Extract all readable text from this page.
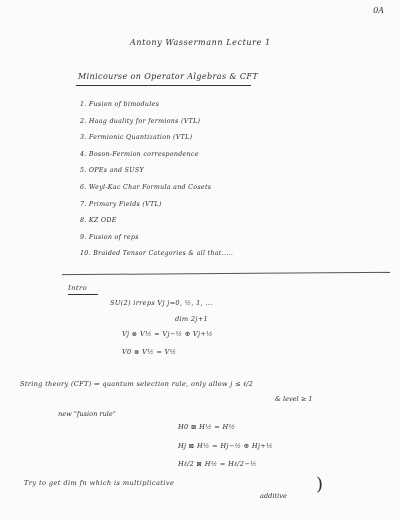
0A
Antony Wassermann Lecture 1
Minicourse on Operator Algebras & CFT
1. Fusion of bimodules
2. Haag duality for fermions (VTL)
3. Fermionic Quantization (VTL)
4. Boson-Fermion correspondence
5. OPEs and SUSY
6. Weyl-Kac Char Formula and Cosets
7. Primary Fields (VTL)
8. KZ ODE
9. Fusion of reps
10. Braided Tensor Categories & all that.....
Intro
SU(2) irreps Vj j=0, ½, 1, ...
dim 2j+1
Vj ⊗ V½ = Vj−½ ⊕ Vj+½
V0 ⊗ V½ = V½
String theory (CFT) ⇒ quantum selection rule, only allow j ≤ ℓ/2
& level ≥ 1
new "fusion rule"
H0 ⊠ H½ = H½
Hj ⊠ H½ = Hj−½ ⊕ Hj+½
Hℓ/2 ⊠ H½ = Hℓ/2−½
Try to get dim fn which is multiplicative
additive
)
